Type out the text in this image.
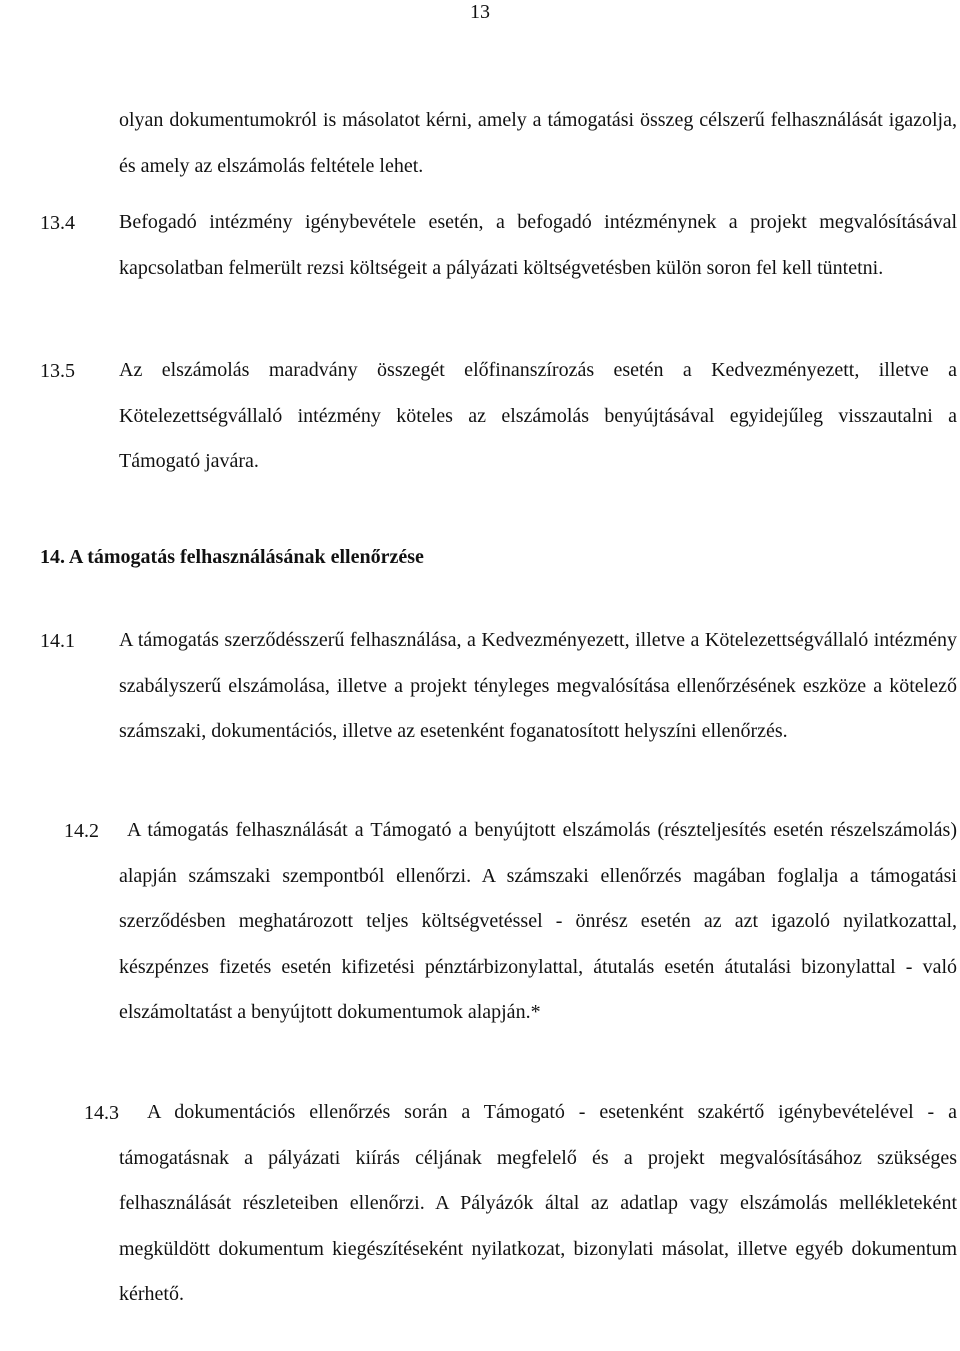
13
olyan dokumentumokról is másolatot kérni, amely a támogatási összeg célszerű felhasználását igazolja, és amely az elszámolás feltétele lehet.
13.4 Befogadó intézmény igénybevétele esetén, a befogadó intézménynek a projekt megvalósításával kapcsolatban felmerült rezsi költségeit a pályázati költségvetésben külön soron fel kell tüntetni.
13.5 Az elszámolás maradvány összegét előfinanszírozás esetén a Kedvezményezett, illetve a Kötelezettségvállaló intézmény köteles az elszámolás benyújtásával egyidejűleg visszautalni a Támogató javára.
14. A támogatás felhasználásának ellenőrzése
14.1 A támogatás szerződésszerű felhasználása, a Kedvezményezett, illetve a Kötelezettségvállaló intézmény szabályszerű elszámolása, illetve a projekt tényleges megvalósítása ellenőrzésének eszköze a kötelező számszaki, dokumentációs, illetve az esetenként foganatosított helyszíni ellenőrzés.
14.2	A támogatás felhasználását a Támogató a benyújtott elszámolás (részteljesítés esetén részelszámolás) alapján számszaki szempontból ellenőrzi. A számszaki ellenőrzés magában foglalja a támogatási szerződésben meghatározott teljes költségvetéssel - önrész esetén az azt igazoló nyilatkozattal, készpénzes fizetés esetén kifizetési pénztárbizonylattal, átutalás esetén átutalási bizonylattal - való elszámoltatást a benyújtott dokumentumok alapján.*
14.3	A dokumentációs ellenőrzés során a Támogató - esetenként szakértő igénybevételével - a támogatásnak a pályázati kiírás céljának megfelelő és a projekt megvalósításához szükséges felhasználását részleteiben ellenőrzi. A Pályázók által az adatlap vagy elszámolás mellékleteként megküldött dokumentum kiegészítéseként nyilatkozat, bizonylati másolat, illetve egyéb dokumentum kérhető.
